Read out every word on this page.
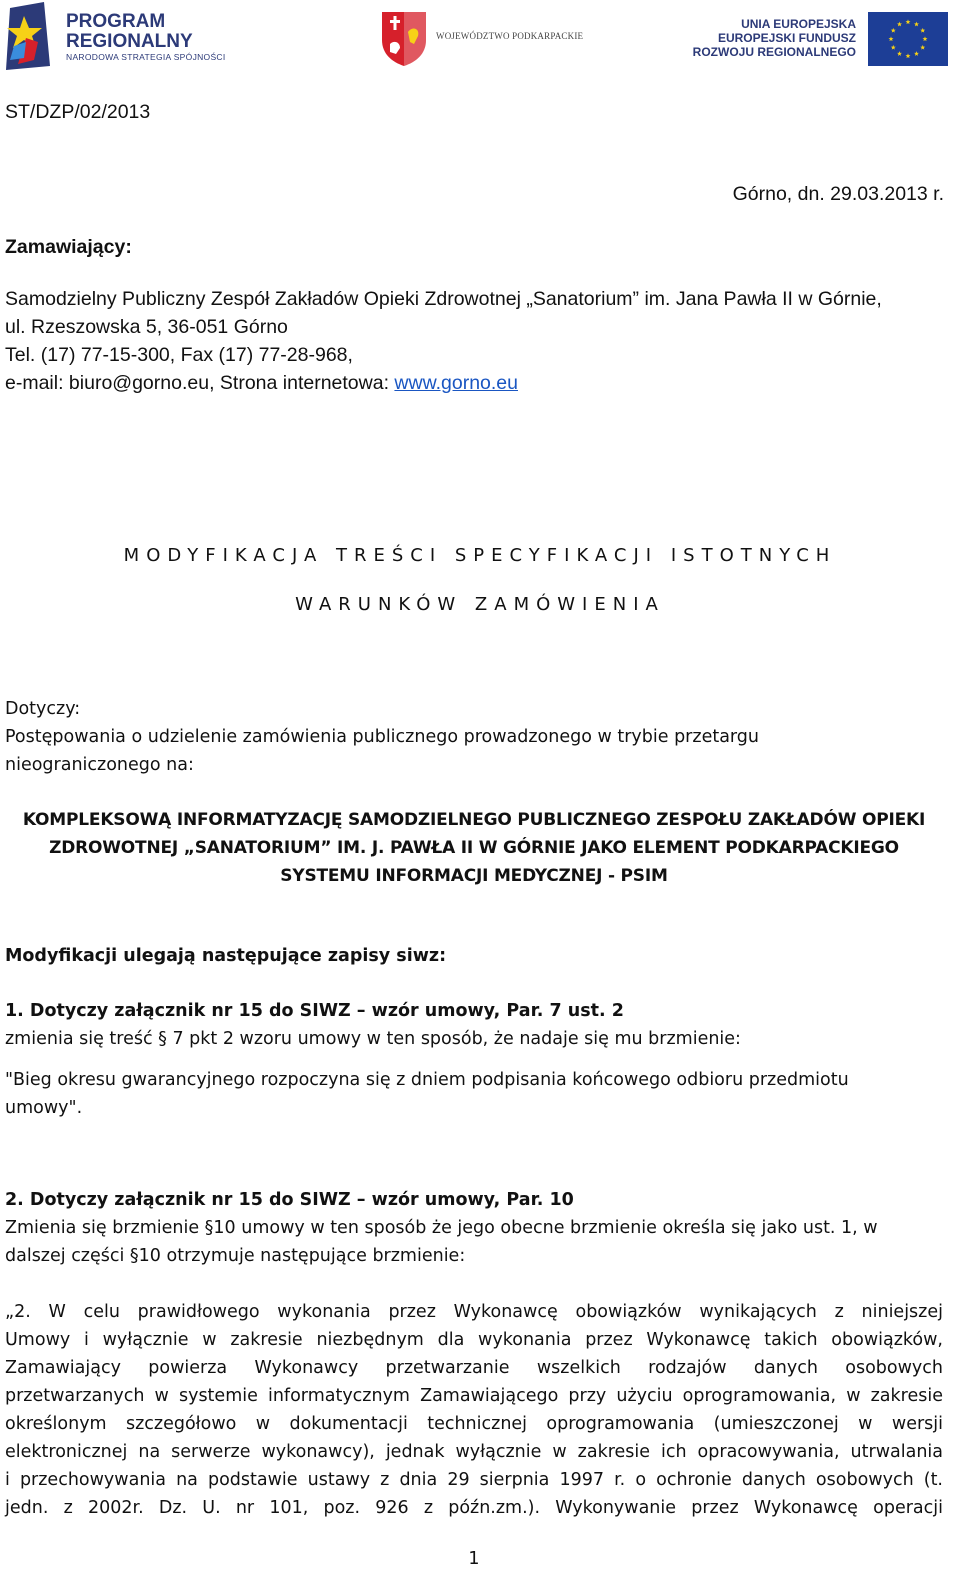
PROGRAM
REGIONALNY
NARODOWA STRATEGIA SPÓJNOŚCI
WOJEWÓDZTWO PODKARPACKIE
UNIA EUROPEJSKA
EUROPEJSKI FUNDUSZ
ROZWOJU REGIONALNEGO
ST/DZP/02/2013
Górno, dn. 29.03.2013 r.
Zamawiający:
Samodzielny Publiczny Zespół Zakładów Opieki Zdrowotnej „Sanatorium” im. Jana Pawła II w Górnie,
ul. Rzeszowska 5, 36-051 Górno
Tel. (17) 77-15-300, Fax (17) 77-28-968,
e-mail: biuro@gorno.eu, Strona internetowa: www.gorno.eu
MODYFIKACJA TREŚCI SPECYFIKACJI ISTOTNYCH
WARUNKÓW ZAMÓWIENIA
Dotyczy:
Postępowania o udzielenie zamówienia publicznego prowadzonego w trybie przetargu
nieograniczonego na:
KOMPLEKSOWĄ INFORMATYZACJĘ SAMODZIELNEGO PUBLICZNEGO ZESPOŁU ZAKŁADÓW OPIEKI
ZDROWOTNEJ „SANATORIUM” IM. J. PAWŁA II W GÓRNIE JAKO ELEMENT PODKARPACKIEGO
SYSTEMU INFORMACJI MEDYCZNEJ - PSIM
Modyfikacji ulegają następujące zapisy siwz:
1. Dotyczy załącznik nr 15 do SIWZ – wzór umowy, Par. 7 ust. 2
zmienia się treść § 7 pkt 2 wzoru umowy w ten sposób, że nadaje się mu brzmienie:
"Bieg okresu gwarancyjnego rozpoczyna się z dniem podpisania końcowego odbioru przedmiotu
umowy".
2. Dotyczy załącznik nr 15 do SIWZ – wzór umowy, Par. 10
Zmienia się brzmienie §10 umowy w ten sposób że jego obecne brzmienie określa się jako ust. 1, w
dalszej części §10 otrzymuje następujące brzmienie:
„2. W celu prawidłowego wykonania przez Wykonawcę obowiązków wynikających z niniejszej
Umowy i wyłącznie w zakresie niezbędnym dla wykonania przez Wykonawcę takich obowiązków,
Zamawiający powierza Wykonawcy przetwarzanie wszelkich rodzajów danych osobowych
przetwarzanych w systemie informatycznym Zamawiającego przy użyciu oprogramowania, w zakresie
określonym szczegółowo w dokumentacji technicznej oprogramowania (umieszczonej w wersji
elektronicznej na serwerze wykonawcy), jednak wyłącznie w zakresie ich opracowywania, utrwalania
i przechowywania na podstawie ustawy z dnia 29 sierpnia 1997 r. o ochronie danych osobowych (t.
jedn. z 2002r. Dz. U. nr 101, poz. 926 z późn.zm.). Wykonywanie przez Wykonawcę operacji
1
